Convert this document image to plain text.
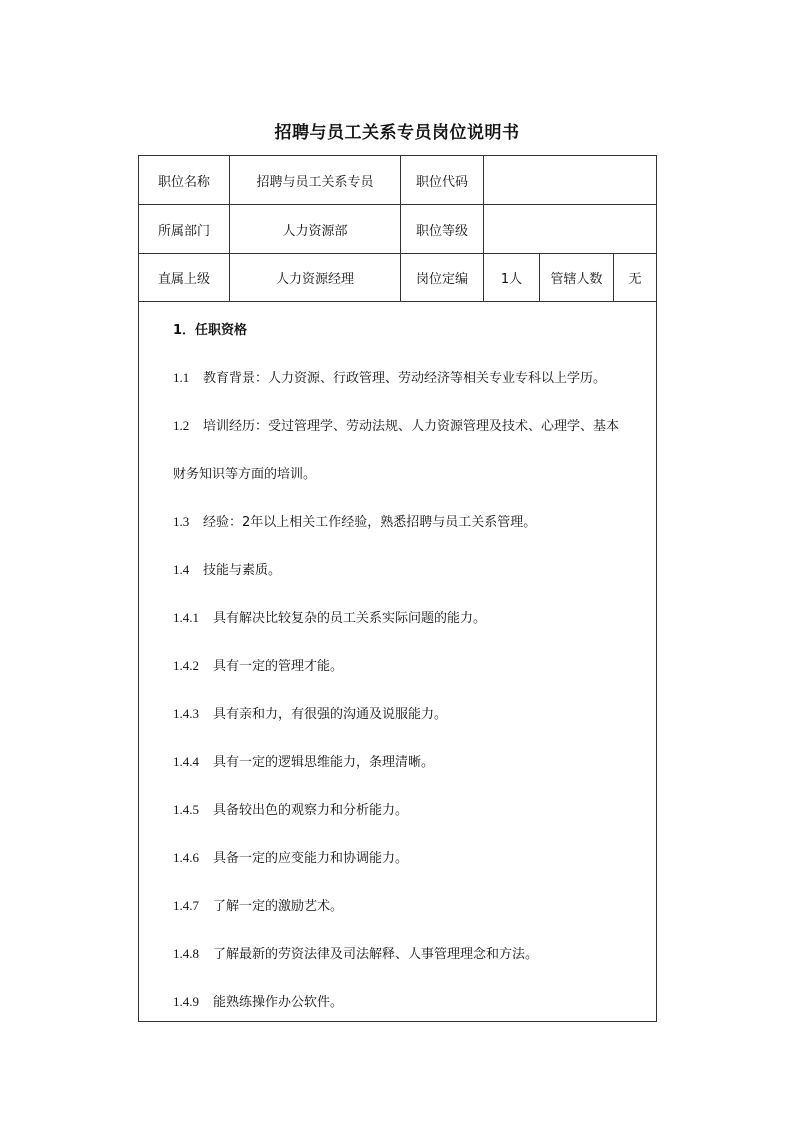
招聘与员工关系专员岗位说明书
职位名称	招聘与员工关系专员	职位代码
所属部门	人力资源部	职位等级
直属上级	人力资源经理	岗位定编	1人	管辖人数	无
1．任职资格
1.1 教育背景：人力资源、行政管理、劳动经济等相关专业专科以上学历。
1.2 培训经历：受过管理学、劳动法规、人力资源管理及技术、心理学、基本
财务知识等方面的培训。
1.3 经验：2年以上相关工作经验，熟悉招聘与员工关系管理。
1.4 技能与素质。
1.4.1 具有解决比较复杂的员工关系实际问题的能力。
1.4.2 具有一定的管理才能。
1.4.3 具有亲和力，有很强的沟通及说服能力。
1.4.4 具有一定的逻辑思维能力，条理清晰。
1.4.5 具备较出色的观察力和分析能力。
1.4.6 具备一定的应变能力和协调能力。
1.4.7 了解一定的激励艺术。
1.4.8 了解最新的劳资法律及司法解释、人事管理理念和方法。
1.4.9 能熟练操作办公软件。
